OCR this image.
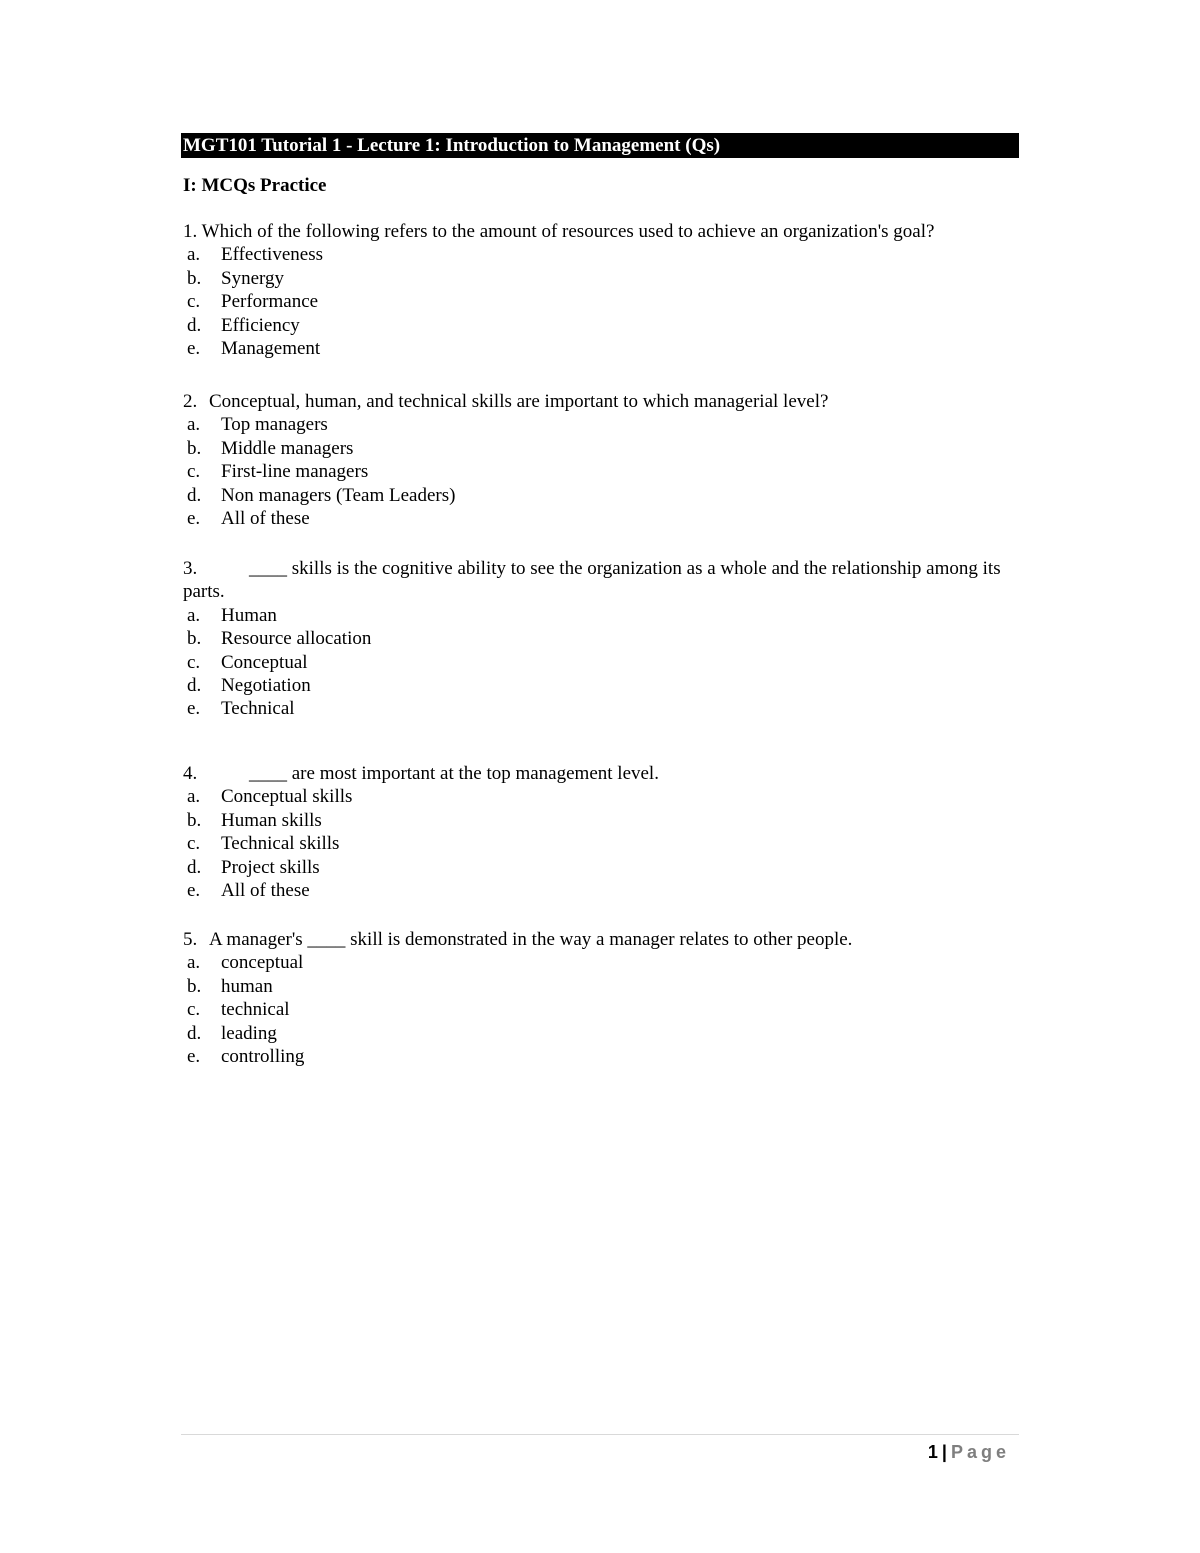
MGT101 Tutorial 1 - Lecture 1: Introduction to Management (Qs)
I: MCQs Practice

1. Which of the following refers to the amount of resources used to achieve an organization's goal?

a.	Effectiveness
b.	Synergy
c.	Performance
d.	Efficiency
e.	Management

2. Conceptual, human, and technical skills are important to which managerial level?

a.	Top managers
b.	Middle managers
c.	First-line managers
d.	Non managers (Team Leaders)
e.	All of these

3.	____ skills is the cognitive ability to see the organization as a whole and the relationship among its parts.

a.	Human
b.	Resource allocation
c.	Conceptual
d.	Negotiation
e.	Technical

4.	____ are most important at the top management level.

a.	Conceptual skills
b.	Human skills
c.	Technical skills
d.	Project skills
e.	All of these

5. A manager's ____ skill is demonstrated in the way a manager relates to other people.

a.	conceptual
b.	human
c.	technical
d.	leading
e.	controlling
1 | Page
